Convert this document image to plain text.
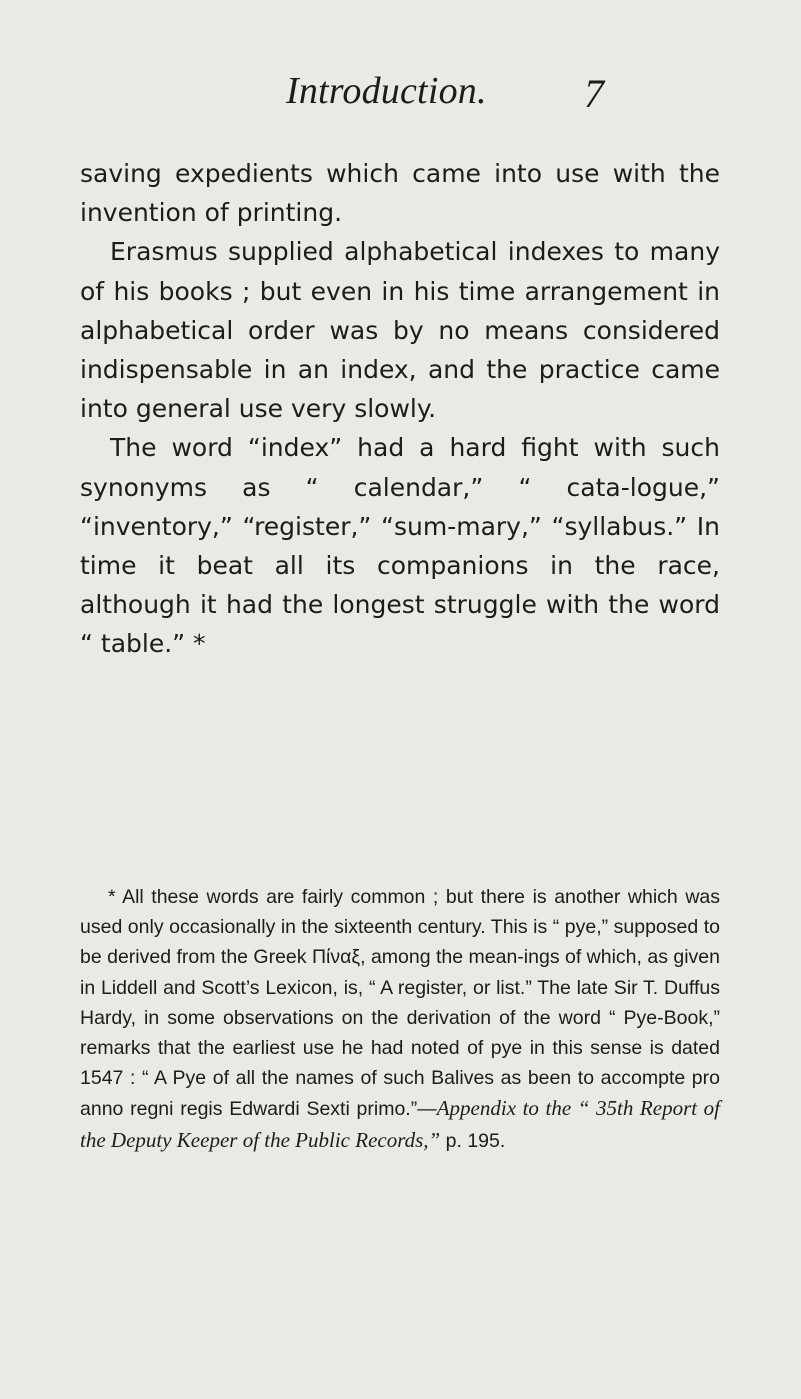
Introduction. 7

saving expedients which came into use with the invention of printing.

Erasmus supplied alphabetical indexes to many of his books ; but even in his time arrangement in alphabetical order was by no means considered indispensable in an index, and the practice came into general use very slowly.

The word “index” had a hard fight with such synonyms as “ calendar,” “ cata-logue,” “inventory,” “register,” “sum-mary,” “syllabus.” In time it beat all its companions in the race, although it had the longest struggle with the word “ table.” *

* All these words are fairly common ; but there is another which was used only occasionally in the sixteenth century. This is “ pye,” supposed to be derived from the Greek Πίναξ, among the mean-ings of which, as given in Liddell and Scott’s Lexicon, is, “ A register, or list.” The late Sir T. Duffus Hardy, in some observations on the derivation of the word “ Pye-Book,” remarks that the earliest use he had noted of pye in this sense is dated 1547 : “ A Pye of all the names of such Balives as been to accompte pro anno regni regis Edwardi Sexti primo.”—Appendix to the “ 35th Report of the Deputy Keeper of the Public Records,” p. 195.
